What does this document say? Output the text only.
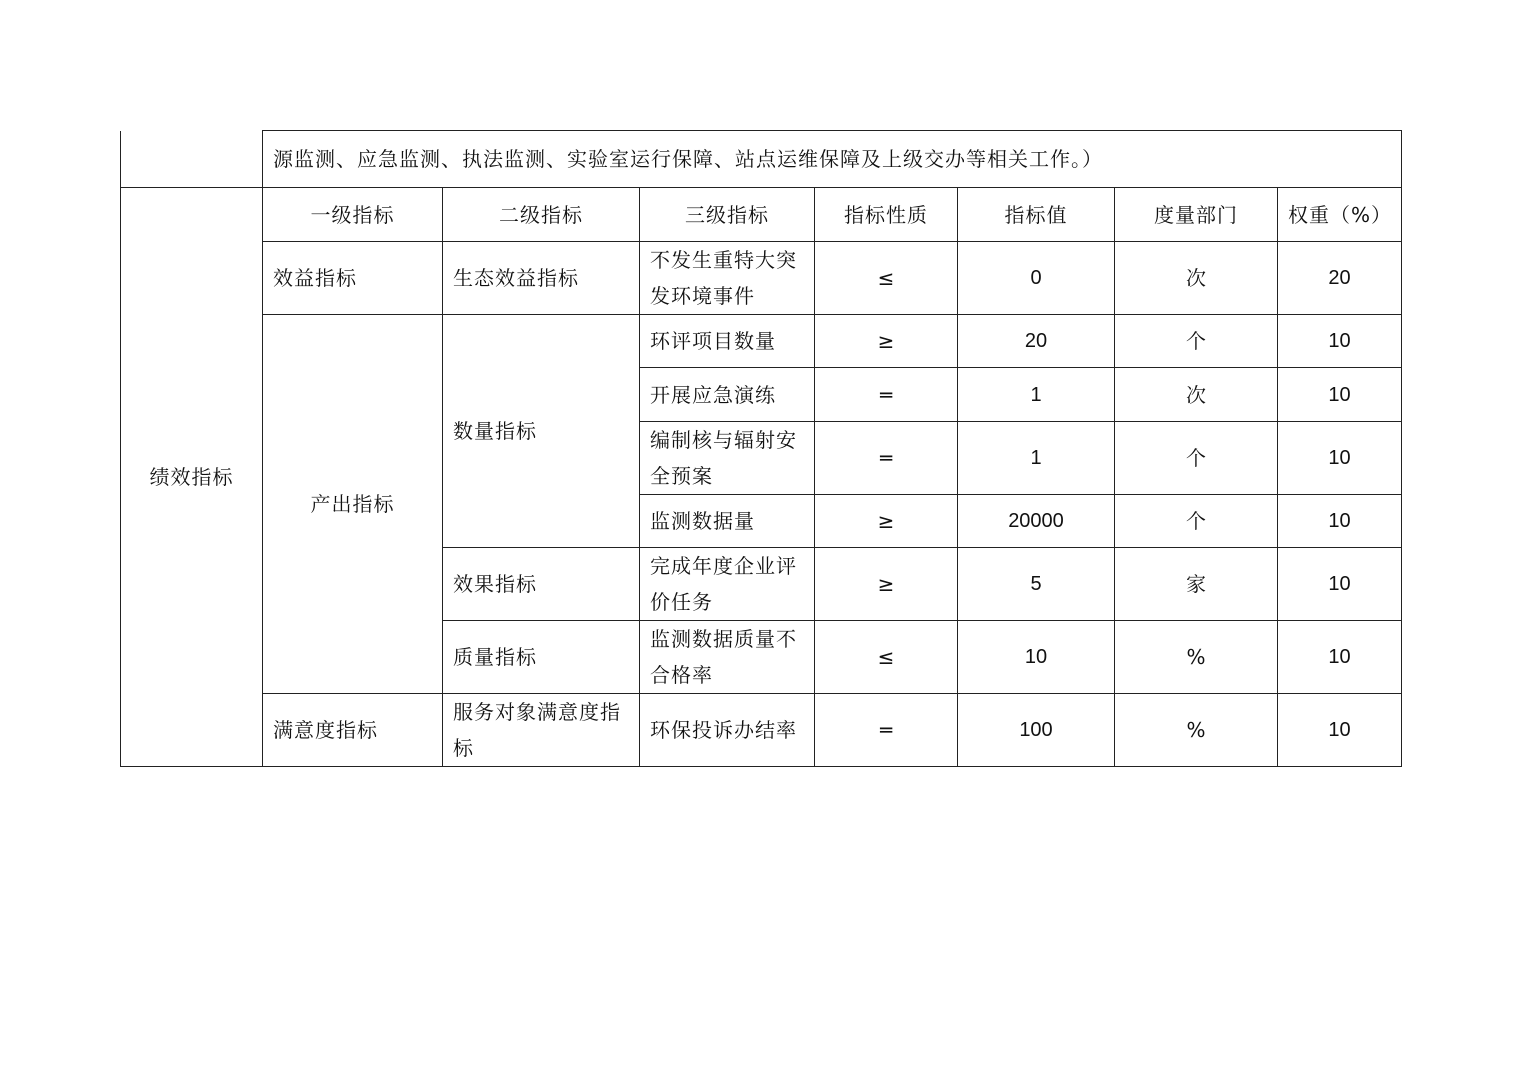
	源监测、应急监测、执法监测、实验室运行保障、站点运维保障及上级交办等相关工作。）						
绩效指标	一级指标	二级指标	三级指标	指标性质	指标值	度量部门	权重（%）
	效益指标	生态效益指标	不发生重特大突发环境事件	≤	0	次	20
	产出指标	数量指标	环评项目数量	≥	20	个	10
			开展应急演练	═	1	次	10
			编制核与辐射安全预案	═	1	个	10
			监测数据量	≥	20000	个	10
		效果指标	完成年度企业评价任务	≥	5	家	10
		质量指标	监测数据质量不合格率	≤	10	%	10
	满意度指标	服务对象满意度指标	环保投诉办结率	═	100	%	10
